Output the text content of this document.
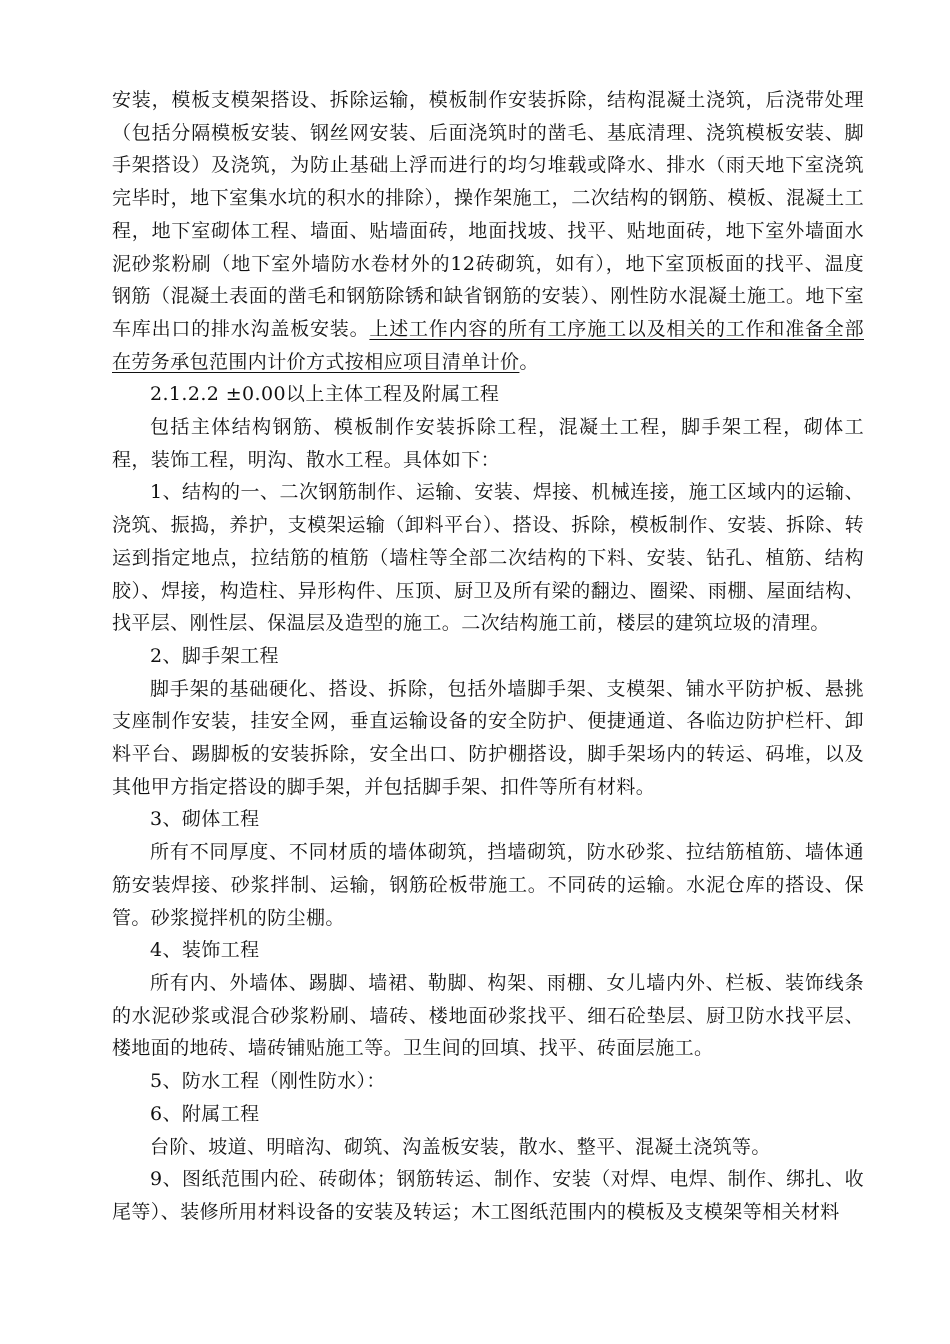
安装，模板支模架搭设、拆除运输，模板制作安装拆除，结构混凝土浇筑，后浇带处理（包括分隔模板安装、钢丝网安装、后面浇筑时的凿毛、基底清理、浇筑模板安装、脚手架搭设）及浇筑，为防止基础上浮而进行的均匀堆载或降水、排水（雨天地下室浇筑完毕时，地下室集水坑的积水的排除），操作架施工，二次结构的钢筋、模板、混凝土工程，地下室砌体工程、墙面、贴墙面砖，地面找坡、找平、贴地面砖，地下室外墙面水泥砂浆粉刷（地下室外墙防水卷材外的12砖砌筑，如有），地下室顶板面的找平、温度钢筋（混凝土表面的凿毛和钢筋除锈和缺省钢筋的安装）、刚性防水混凝土施工。地下室车库出口的排水沟盖板安装。上述工作内容的所有工序施工以及相关的工作和准备全部在劳务承包范围内计价方式按相应项目清单计价。

2.1.2.2 ±0.00以上主体工程及附属工程

包括主体结构钢筋、模板制作安装拆除工程，混凝土工程，脚手架工程，砌体工程，装饰工程，明沟、散水工程。具体如下：

1、结构的一、二次钢筋制作、运输、安装、焊接、机械连接，施工区域内的运输、浇筑、振捣，养护，支模架运输（卸料平台）、搭设、拆除，模板制作、安装、拆除、转运到指定地点，拉结筋的植筋（墙柱等全部二次结构的下料、安装、钻孔、植筋、结构胶）、焊接，构造柱、异形构件、压顶、厨卫及所有梁的翻边、圈梁、雨棚、屋面结构、找平层、刚性层、保温层及造型的施工。二次结构施工前，楼层的建筑垃圾的清理。

2、脚手架工程

脚手架的基础硬化、搭设、拆除，包括外墙脚手架、支模架、铺水平防护板、悬挑支座制作安装，挂安全网，垂直运输设备的安全防护、便捷通道、各临边防护栏杆、卸料平台、踢脚板的安装拆除，安全出口、防护棚搭设，脚手架场内的转运、码堆，以及其他甲方指定搭设的脚手架，并包括脚手架、扣件等所有材料。

3、砌体工程

所有不同厚度、不同材质的墙体砌筑，挡墙砌筑，防水砂浆、拉结筋植筋、墙体通筋安装焊接、砂浆拌制、运输，钢筋砼板带施工。不同砖的运输。水泥仓库的搭设、保管。砂浆搅拌机的防尘棚。

4、装饰工程

所有内、外墙体、踢脚、墙裙、勒脚、构架、雨棚、女儿墙内外、栏板、装饰线条的水泥砂浆或混合砂浆粉刷、墙砖、楼地面砂浆找平、细石砼垫层、厨卫防水找平层、楼地面的地砖、墙砖铺贴施工等。卫生间的回填、找平、砖面层施工。

5、防水工程（刚性防水）：

6、附属工程

台阶、坡道、明暗沟、砌筑、沟盖板安装，散水、整平、混凝土浇筑等。

9、图纸范围内砼、砖砌体；钢筋转运、制作、安装（对焊、电焊、制作、绑扎、收尾等）、装修所用材料设备的安装及转运；木工图纸范围内的模板及支模架等相关材料
